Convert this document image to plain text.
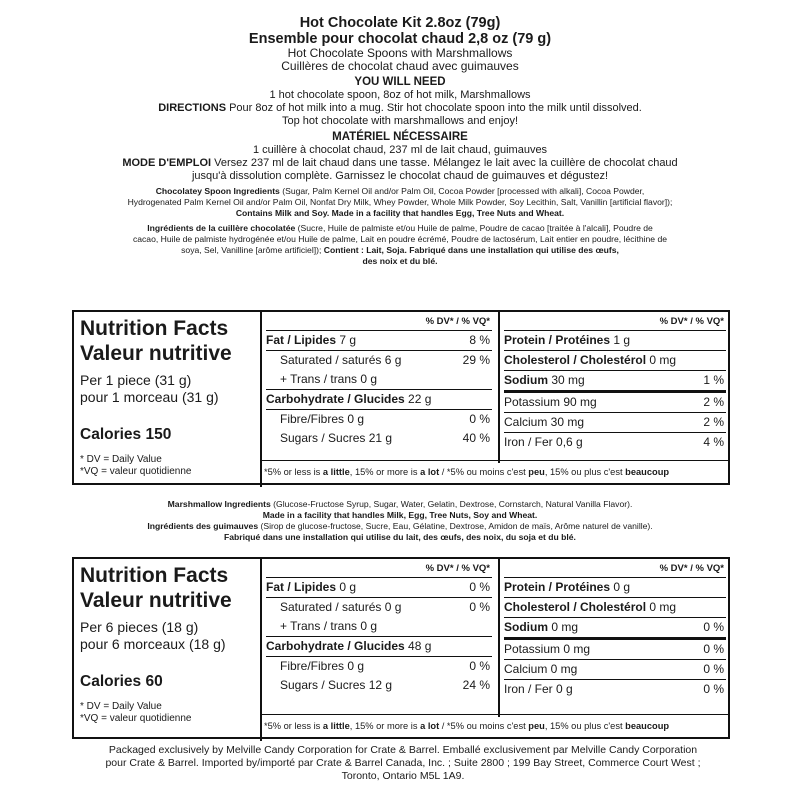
Hot Chocolate Kit 2.8oz (79g)
Ensemble pour chocolat chaud 2,8 oz (79 g)
Hot Chocolate Spoons with Marshmallows
Cuillères de chocolat chaud avec guimauves
YOU WILL NEED
1 hot chocolate spoon, 8oz of hot milk, Marshmallows
DIRECTIONS Pour 8oz of hot milk into a mug. Stir hot chocolate spoon into the milk until dissolved.
Top hot chocolate with marshmallows and enjoy!
MATÉRIEL NÉCESSAIRE
1 cuillère à chocolat chaud, 237 ml de lait chaud, guimauves
MODE D'EMPLOI Versez 237 ml de lait chaud dans une tasse. Mélangez le lait avec la cuillère de chocolat chaud
jusqu'à dissolution complète. Garnissez le chocolat chaud de guimauves et dégustez!
Chocolatey Spoon Ingredients (Sugar, Palm Kernel Oil and/or Palm Oil, Cocoa Powder [processed with alkali], Cocoa Powder,
Hydrogenated Palm Kernel Oil and/or Palm Oil, Nonfat Dry Milk, Whey Powder, Whole Milk Powder, Soy Lecithin, Salt, Vanillin [artificial flavor]);
Contains Milk and Soy. Made in a facility that handles Egg, Tree Nuts and Wheat.
Ingrédients de la cuillère chocolatée (Sucre, Huile de palmiste et/ou Huile de palme, Poudre de cacao [traitée à l'alcali], Poudre de
cacao, Huile de palmiste hydrogénée et/ou Huile de palme, Lait en poudre écrémé, Poudre de lactosérum, Lait entier en poudre, lécithine de
soya, Sel, Vanilline [arôme artificiel]); Contient : Lait, Soja. Fabriqué dans une installation qui utilise des œufs,
des noix et du blé.
Nutrition Facts
Valeur nutritive
Per 1 piece (31 g)
pour 1 morceau (31 g)
Calories 150
* DV = Daily Value
*VQ = valeur quotidienne
% DV* / % VQ*
Fat / Lipides 7 g	8 %
Saturated / saturés 6 g	29 %
+ Trans / trans 0 g
Carbohydrate / Glucides 22 g
Fibre/Fibres 0 g	0 %
Sugars / Sucres 21 g	40 %
% DV* / % VQ*
Protein / Protéines 1 g
Cholesterol / Cholestérol 0 mg
Sodium 30 mg	1 %
Potassium 90 mg	2 %
Calcium 30 mg	2 %
Iron / Fer 0,6 g	4 %
*5% or less is a little, 15% or more is a lot / *5% ou moins c'est peu, 15% ou plus c'est beaucoup
Marshmallow Ingredients (Glucose-Fructose Syrup, Sugar, Water, Gelatin, Dextrose, Cornstarch, Natural Vanilla Flavor).
Made in a facility that handles Milk, Egg, Tree Nuts, Soy and Wheat.
Ingrédients des guimauves (Sirop de glucose-fructose, Sucre, Eau, Gélatine, Dextrose, Amidon de maïs, Arôme naturel de vanille).
Fabriqué dans une installation qui utilise du lait, des œufs, des noix, du soja et du blé.
Nutrition Facts
Valeur nutritive
Per 6 pieces (18 g)
pour 6 morceaux (18 g)
Calories 60
* DV = Daily Value
*VQ = valeur quotidienne
% DV* / % VQ*
Fat / Lipides 0 g	0 %
Saturated / saturés 0 g	0 %
+ Trans / trans 0 g
Carbohydrate / Glucides 48 g
Fibre/Fibres 0 g	0 %
Sugars / Sucres 12 g	24 %
% DV* / % VQ*
Protein / Protéines 0 g
Cholesterol / Cholestérol 0 mg
Sodium 0 mg	0 %
Potassium 0 mg	0 %
Calcium 0 mg	0 %
Iron / Fer 0 g	0 %
*5% or less is a little, 15% or more is a lot / *5% ou moins c'est peu, 15% ou plus c'est beaucoup
Packaged exclusively by Melville Candy Corporation for Crate & Barrel. Emballé exclusivement par Melville Candy Corporation
pour Crate & Barrel. Imported by/importé par Crate & Barrel Canada, Inc. ; Suite 2800 ; 199 Bay Street, Commerce Court West ;
Toronto, Ontario M5L 1A9.
